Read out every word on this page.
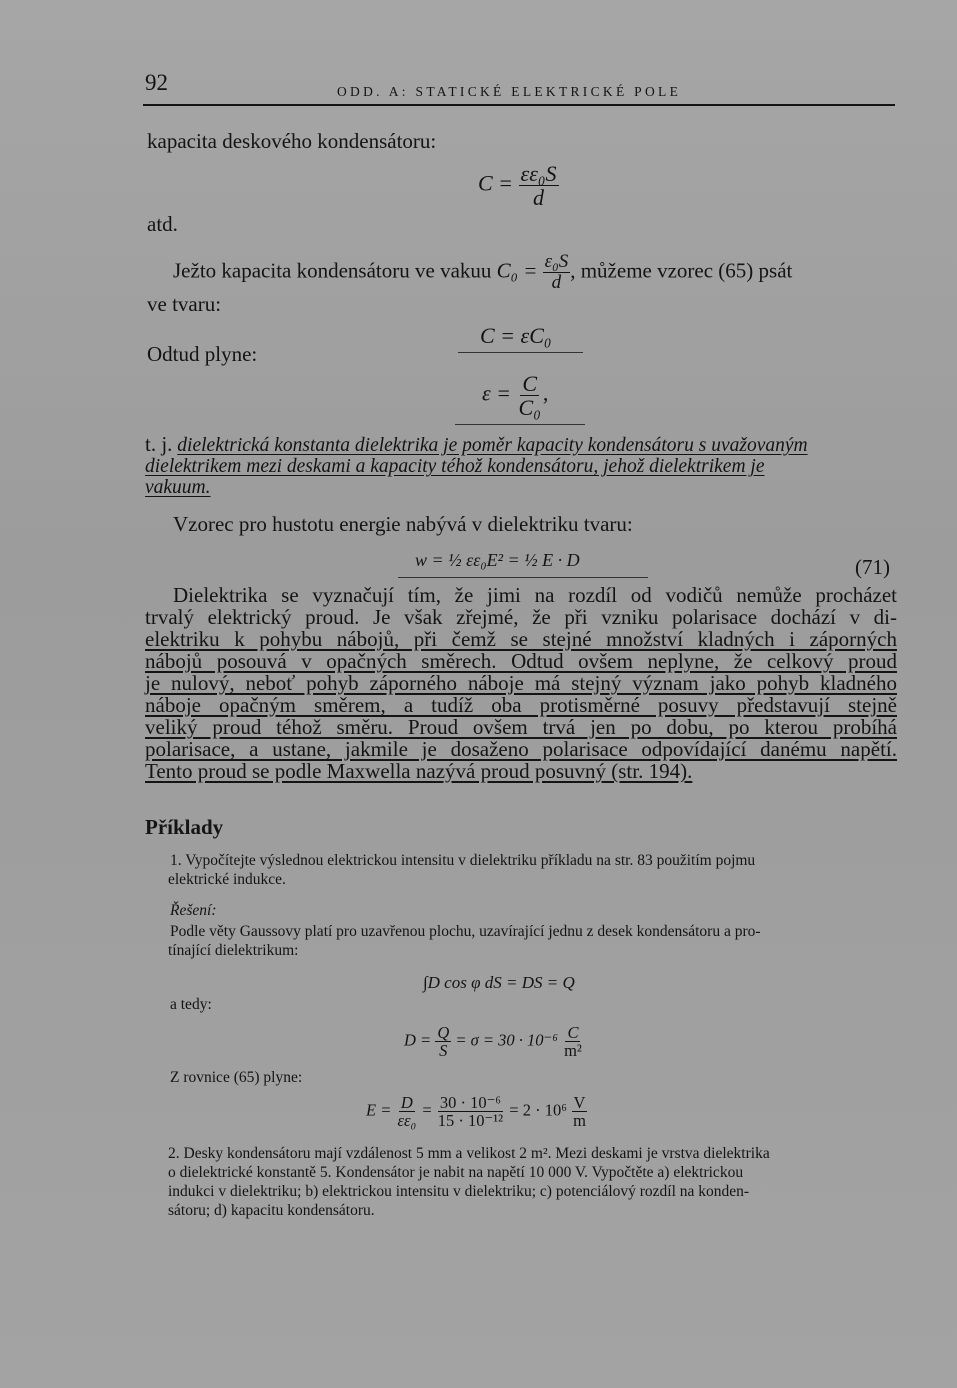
92	ODD. A: STATICKÉ ELEKTRICKÉ POLE
kapacita deskového kondensátoru:
$C = \frac{\text{εε₀S}}{d}$
atd.
Ježto kapacita kondensátoru ve vakuu $C_0 = \frac{\text{ε₀S}}{d}$ , můžeme vzorec (65) psát
ve tvaru:
C = εC₀
Odtud plyne:
$\varepsilon = \frac{C}{\text{C₀}}$ ,
t. j. dielektrická konstanta dielektrika je poměr kapacity kondensátoru s uvažovaným
dielektrikem mezi deskami a kapacity téhož kondensátoru, jehož dielektrikem je
vakuum.
Vzorec pro hustotu energie nabývá v dielektriku tvaru:
w = ½ εε₀E² = ½ E · D	(71)
Dielektrika se vyznačují tím, že jimi na rozdíl od vodičů nemůže procházet
trvalý elektrický proud. Je však zřejmé, že při vzniku polarisace dochází v di-
elektriku k pohybu nábojů, při čemž se stejné množství kladných i záporných
nábojů posouvá v opačných směrech. Odtud ovšem neplyne, že celkový proud
je nulový, neboť pohyb záporného náboje má stejný význam jako pohyb kladného
náboje opačným směrem, a tudíž oba protisměrné posuvy představují stejně
veliký proud téhož směru. Proud ovšem trvá jen po dobu, po kterou probíhá
polarisace, a ustane, jakmile je dosaženo polarisace odpovídající danému napětí.
Tento proud se podle Maxwella nazývá proud posuvný (str. 194).
Příklady
1. Vypočítejte výslednou elektrickou intensitu v dielektriku příkladu na str. 83 použitím pojmu
elektrické indukce.
Řešení:
Podle věty Gaussovy platí pro uzavřenou plochu, uzavírající jednu z desek kondensátoru a pro-
tínající dielektrikum:
∫D cos φ dS = DS = Q
a tedy:
$D = \frac{Q}{S} = \sigma = 30 \cdot 10^{-6} \frac{C}{\text{m²}}$
Z rovnice (65) plyne:
$E = \frac{D}{\text{εε₀}} = \frac{\text{30 · 10⁻⁶}}{\text{15 · 10⁻¹²}} = 2 \cdot 10^6 \frac{V}{m}$
2. Desky kondensátoru mají vzdálenost 5 mm a velikost 2 m². Mezi deskami je vrstva dielektrika
o dielektrické konstantě 5. Kondensátor je nabit na napětí 10 000 V. Vypočtěte a) elektrickou
indukci v dielektriku; b) elektrickou intensitu v dielektriku; c) potenciálový rozdíl na konden-
sátoru; d) kapacitu kondensátoru.
